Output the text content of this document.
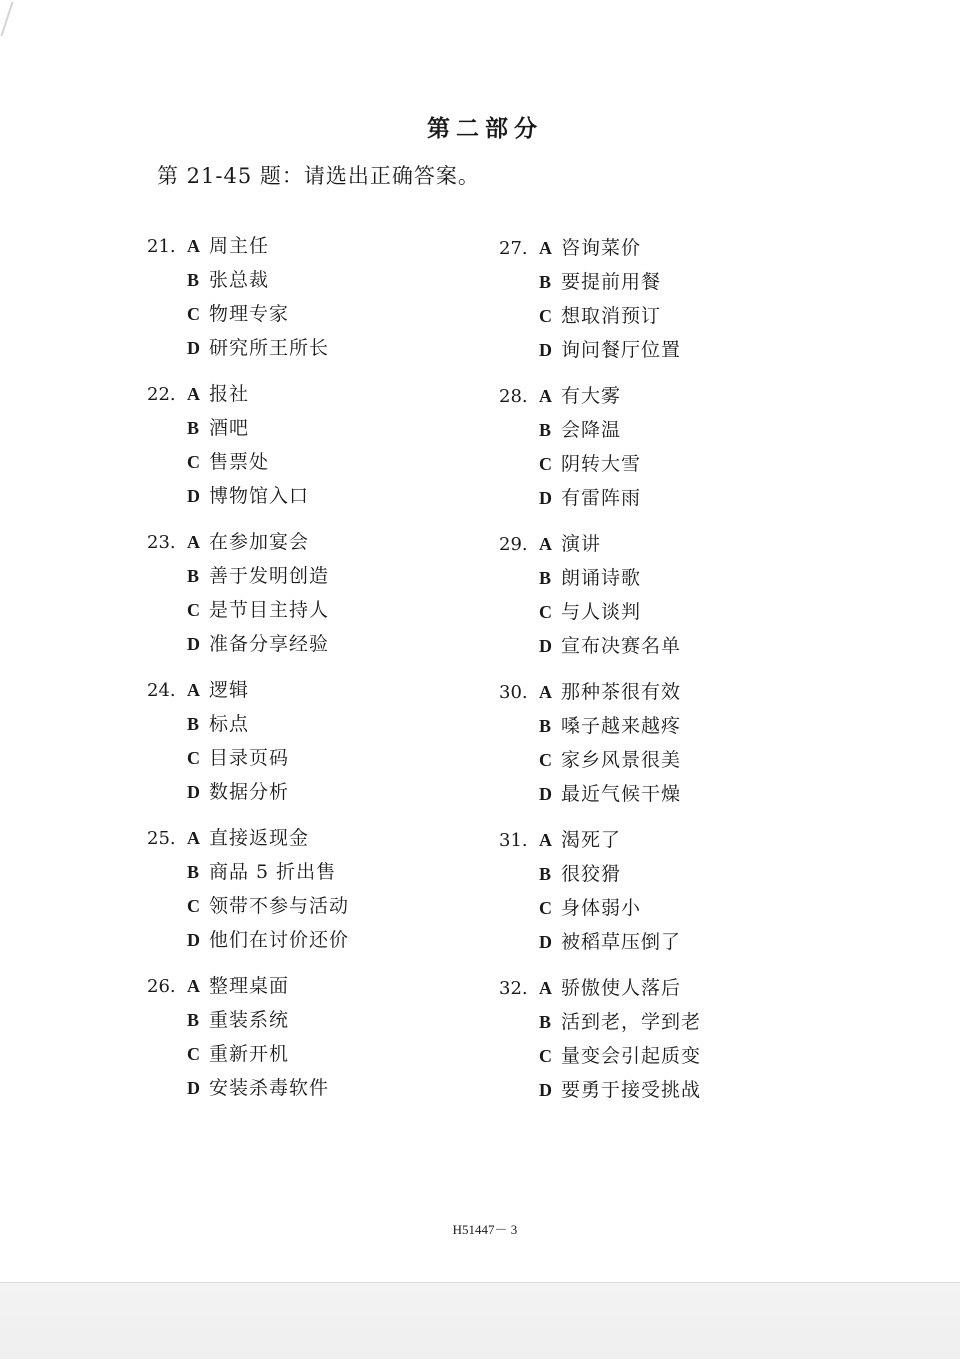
第二部分
第 21-45 题：请选出正确答案。
21. A 周主任
B 张总裁
C 物理专家
D 研究所王所长
22. A 报社
B 酒吧
C 售票处
D 博物馆入口
23. A 在参加宴会
B 善于发明创造
C 是节目主持人
D 准备分享经验
24. A 逻辑
B 标点
C 目录页码
D 数据分析
25. A 直接返现金
B 商品 5 折出售
C 领带不参与活动
D 他们在讨价还价
26. A 整理桌面
B 重装系统
C 重新开机
D 安装杀毒软件
27. A 咨询菜价
B 要提前用餐
C 想取消预订
D 询问餐厅位置
28. A 有大雾
B 会降温
C 阴转大雪
D 有雷阵雨
29. A 演讲
B 朗诵诗歌
C 与人谈判
D 宣布决赛名单
30. A 那种茶很有效
B 嗓子越来越疼
C 家乡风景很美
D 最近气候干燥
31. A 渴死了
B 很狡猾
C 身体弱小
D 被稻草压倒了
32. A 骄傲使人落后
B 活到老，学到老
C 量变会引起质变
D 要勇于接受挑战
H51447－ 3
